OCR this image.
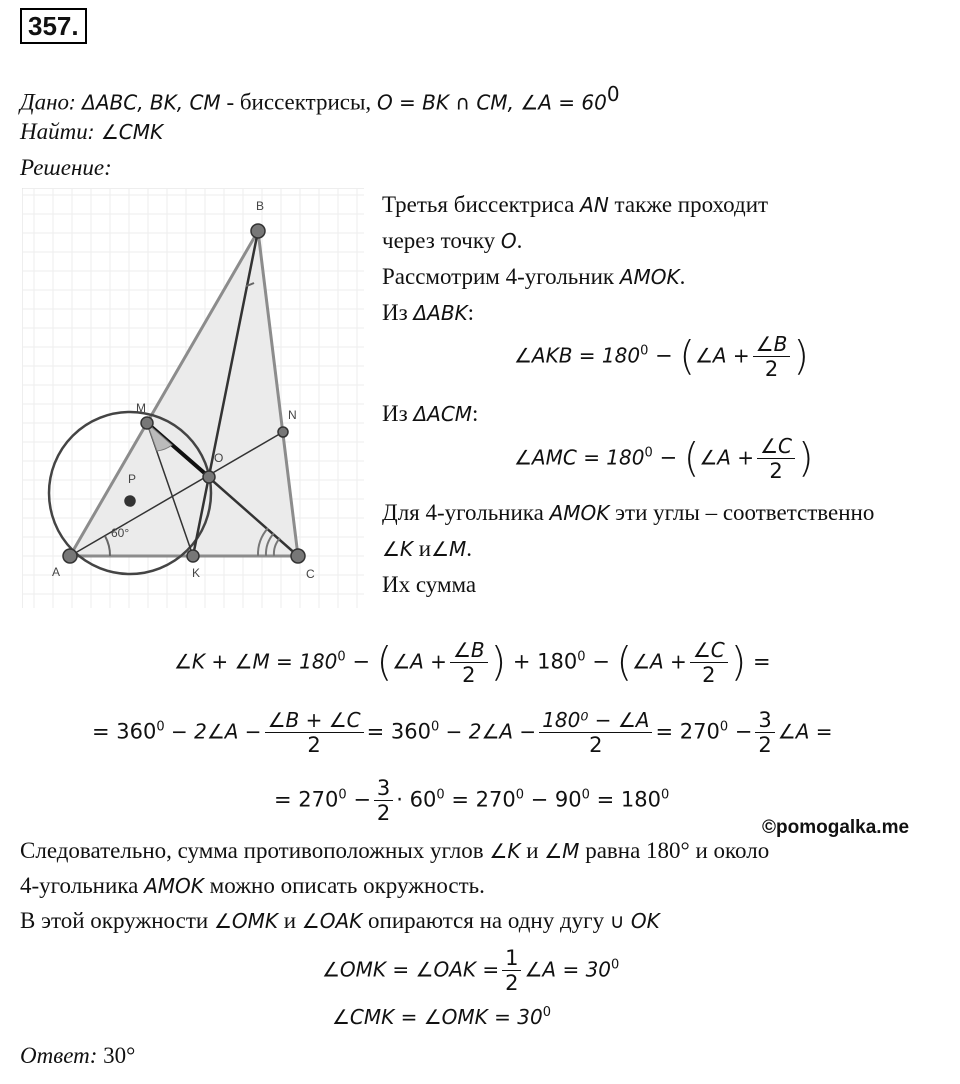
357.
Дано: ΔABC, BK, CM - биссектрисы, O = BK ∩ CM, ∠A = $60^0$
Найти: ∠CMK
Решение:
A
B
C
K
M	N
O
P
60°
Третья биссектриса AN также проходит
через точку O.
Рассмотрим 4-угольник AMOK.
Из ΔABK:
∠AKB = $180^0$ − (∠A + $\frac{\angle B}{2}$ )
Из ΔACM:
∠AMC = $180^0$ − (∠A + $\frac{\angle C}{2}$ )
Для 4-угольника AMOK эти углы – соответственно
∠K и∠M.
Их сумма
∠K + ∠M = $180^0$ − (∠A + $\frac{\angle B}{2}$ ) + $180^0$ − (∠A + $\frac{\angle C}{2}$ ) =
= $360^0$ − 2∠A − $\frac{\angle B + \angle C}{2} = 360^0$ − 2∠A − $\frac{\text{180⁰ − ∠A}}{2} = 270^0 - \frac{3}{2}$ ∠A =
= $270^0 - \frac{3}{2} \cdot 60^0 = 270^0 - 90^0 = 180^0$
©pomogalka.me
Следовательно, сумма противоположных углов ∠K и ∠M равна 180° и около
4-угольника AMOK можно описать окружность.
В этой окружности ∠OMK и ∠OAK опираются на одну дугу ∪ OK
∠OMK = ∠OAK = $\frac{1}{2}$ ∠A = $30^0$
∠CMK = ∠OMK = $30^0$
Ответ: 30°
